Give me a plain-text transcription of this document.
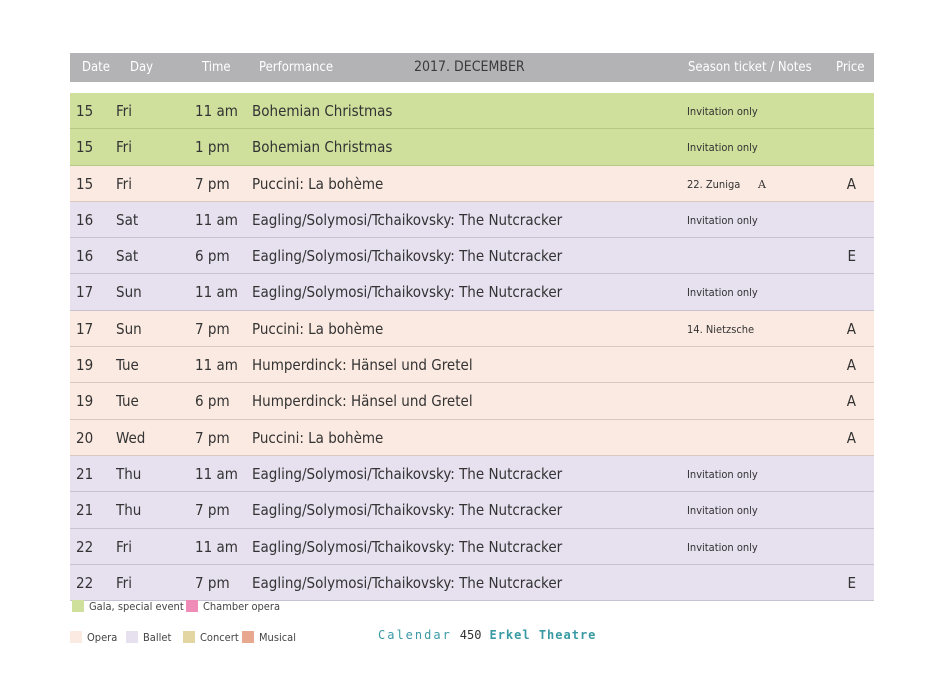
Date Day	Time Performance	2017. DECEMBER	Season ticket / Notes Price
15 Fri	11 am Bohemian Christmas	Invitation only
15 Fri	1 pm Bohemian Christmas	Invitation only
15 Fri	7 pm Puccini: La bohème	22. Zuniga A	A
16 Sat	11 am Eagling/Solymosi/Tchaikovsky: The Nutcracker	Invitation only
16 Sat	6 pm Eagling/Solymosi/Tchaikovsky: The Nutcracker	E
17 Sun	11 am Eagling/Solymosi/Tchaikovsky: The Nutcracker	Invitation only
17 Sun	7 pm Puccini: La bohème	14. Nietzsche	A
19 Tue	11 am Humperdinck: Hänsel und Gretel	A
19 Tue	6 pm Humperdinck: Hänsel und Gretel	A
20 Wed	7 pm Puccini: La bohème	A
21 Thu	11 am Eagling/Solymosi/Tchaikovsky: The Nutcracker	Invitation only
21 Thu	7 pm Eagling/Solymosi/Tchaikovsky: The Nutcracker	Invitation only
22 Fri	11 am Eagling/Solymosi/Tchaikovsky: The Nutcracker	Invitation only
22 Fri	7 pm Eagling/Solymosi/Tchaikovsky: The Nutcracker	E
Gala, special event	Chamber opera
Opera	Ballet	Concert	Musical	Calendar 450 Erkel Theatre
